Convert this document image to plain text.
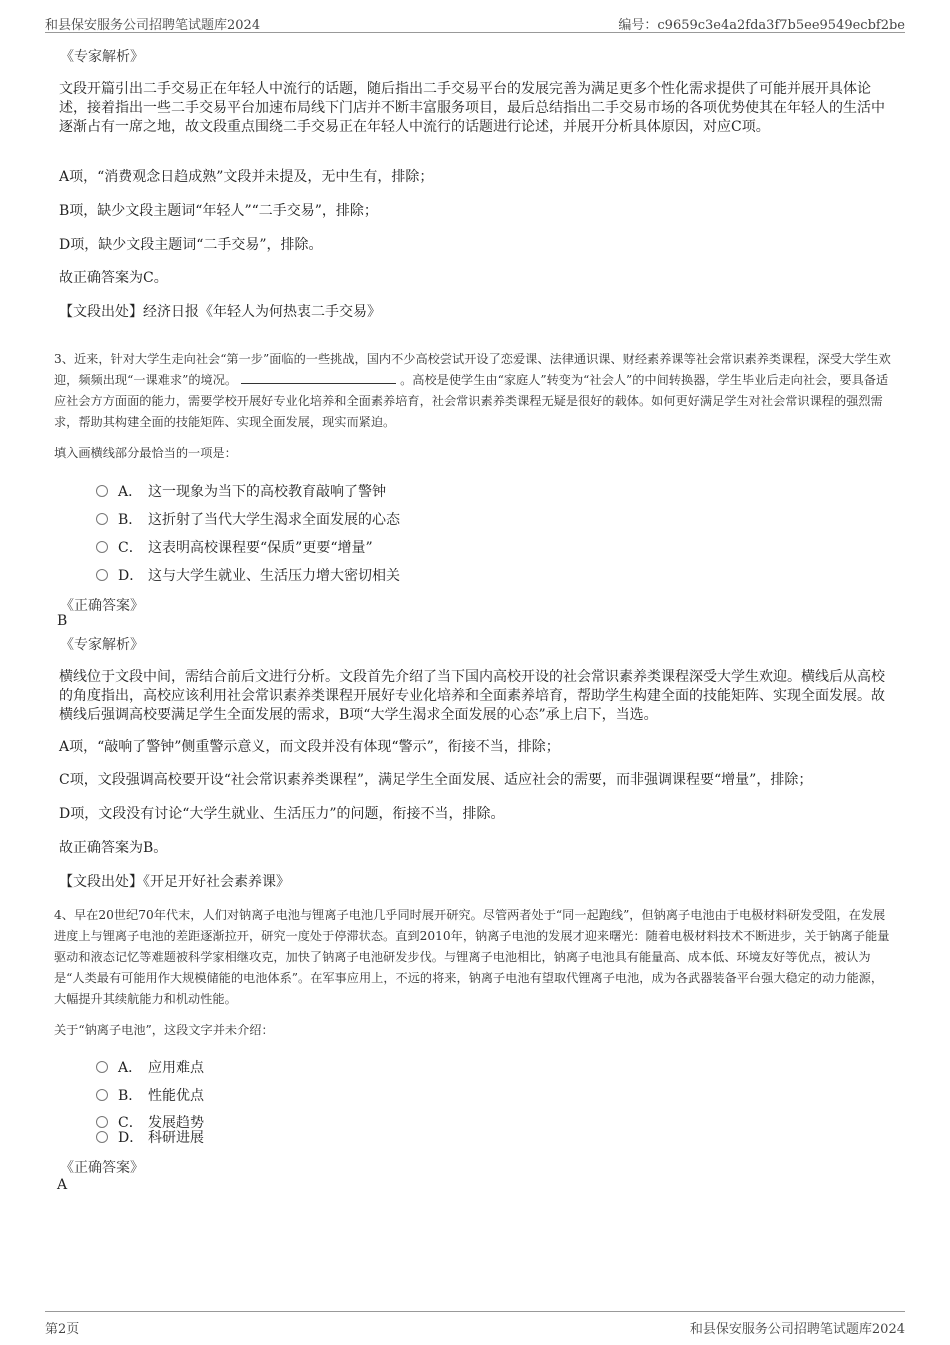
和县保安服务公司招聘笔试题库2024	编号：c9659c3e4a2fda3f7b5ee9549ecbf2be
《专家解析》
文段开篇引出二手交易正在年轻人中流行的话题，随后指出二手交易平台的发展完善为满足更多个性化需求提供了可能并展开具体论述，接着指出一些二手交易平台加速布局线下门店并不断丰富服务项目，最后总结指出二手交易市场的各项优势使其在年轻人的生活中逐渐占有一席之地，故文段重点围绕二手交易正在年轻人中流行的话题进行论述，并展开分析具体原因，对应C项。
A项，“消费观念日趋成熟”文段并未提及，无中生有，排除；
B项，缺少文段主题词“年轻人”“二手交易”，排除；
D项，缺少文段主题词“二手交易”，排除。
故正确答案为C。
【文段出处】经济日报《年轻人为何热衷二手交易》
3、近来，针对大学生走向社会“第一步”面临的一些挑战，国内不少高校尝试开设了恋爱课、法律通识课、财经素养课等社会常识素养类课程，深受大学生欢迎，频频出现“一课难求”的境况。	。高校是使学生由“家庭人”转变为“社会人”的中间转换器，学生毕业后走向社会，要具备适应社会方方面面的能力，需要学校开展好专业化培养和全面素养培育，社会常识素养类课程无疑是很好的载体。如何更好满足学生对社会常识课程的强烈需求，帮助其构建全面的技能矩阵、实现全面发展，现实而紧迫。
填入画横线部分最恰当的一项是：
A． 这一现象为当下的高校教育敲响了警钟
B． 这折射了当代大学生渴求全面发展的心态
C． 这表明高校课程要“保质”更要“增量”
D． 这与大学生就业、生活压力增大密切相关
《正确答案》
B
《专家解析》
横线位于文段中间，需结合前后文进行分析。文段首先介绍了当下国内高校开设的社会常识素养类课程深受大学生欢迎。横线后从高校的角度指出，高校应该利用社会常识素养类课程开展好专业化培养和全面素养培育，帮助学生构建全面的技能矩阵、实现全面发展。故横线后强调高校要满足学生全面发展的需求，B项“大学生渴求全面发展的心态”承上启下，当选。
A项，“敲响了警钟”侧重警示意义，而文段并没有体现“警示”，衔接不当，排除；
C项，文段强调高校要开设“社会常识素养类课程”，满足学生全面发展、适应社会的需要，而非强调课程要“增量”，排除；
D项，文段没有讨论“大学生就业、生活压力”的问题，衔接不当，排除。
故正确答案为B。
【文段出处】《开足开好社会素养课》
4、早在20世纪70年代末，人们对钠离子电池与锂离子电池几乎同时展开研究。尽管两者处于“同一起跑线”，但钠离子电池由于电极材料研发受阻，在发展进度上与锂离子电池的差距逐渐拉开，研究一度处于停滞状态。直到2010年，钠离子电池的发展才迎来曙光：随着电极材料技术不断进步，关于钠离子能量驱动和液态记忆等难题被科学家相继攻克，加快了钠离子电池研发步伐。与锂离子电池相比，钠离子电池具有能量高、成本低、环境友好等优点，被认为是“人类最有可能用作大规模储能的电池体系”。在军事应用上，不远的将来，钠离子电池有望取代锂离子电池，成为各武器装备平台强大稳定的动力能源，大幅提升其续航能力和机动性能。
关于“钠离子电池”，这段文字并未介绍：
A． 应用难点
B． 性能优点
C． 发展趋势
D． 科研进展
《正确答案》
A
第2页	和县保安服务公司招聘笔试题库2024
